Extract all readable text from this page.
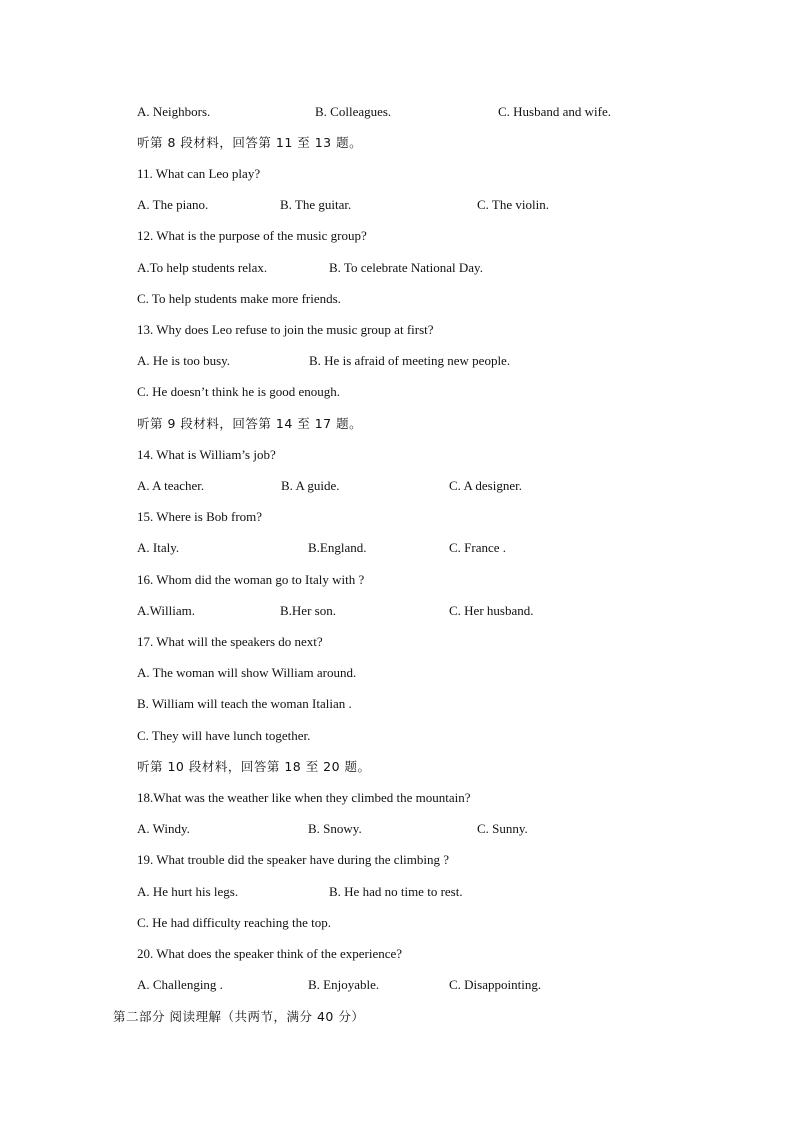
A. Neighbors.	B. Colleagues.	C. Husband and wife.
听第 8 段材料，回答第 11 至 13 题。
11. What can Leo play?
A. The piano.	B. The guitar.	C. The violin.
12. What is the purpose of the music group?
A.To help students relax.	B. To celebrate National Day.
C. To help students make more friends.
13. Why does Leo refuse to join the music group at first?
A. He is too busy.	B. He is afraid of meeting new people.
C. He doesn’t think he is good enough.
听第 9 段材料，回答第 14 至 17 题。
14. What is William’s job?
A. A teacher.	B. A guide.	C. A designer.
15. Where is Bob from?
A. Italy.	B.England.	C. France .
16. Whom did the woman go to Italy with ?
A.William.	B.Her son.	C. Her husband.
17. What will the speakers do next?
A. The woman will show William around.
B. William will teach the woman Italian .
C. They will have lunch together.
听第 10 段材料，回答第 18 至 20 题。
18.What was the weather like when they climbed the mountain?
A. Windy.	B. Snowy.	C. Sunny.
19. What trouble did the speaker have during the climbing ?
A. He hurt his legs.	B. He had no time to rest.
C. He had difficulty reaching the top.
20. What does the speaker think of the experience?
A. Challenging .	B. Enjoyable.	C. Disappointing.
第二部分 阅读理解（共两节，满分 40 分）
